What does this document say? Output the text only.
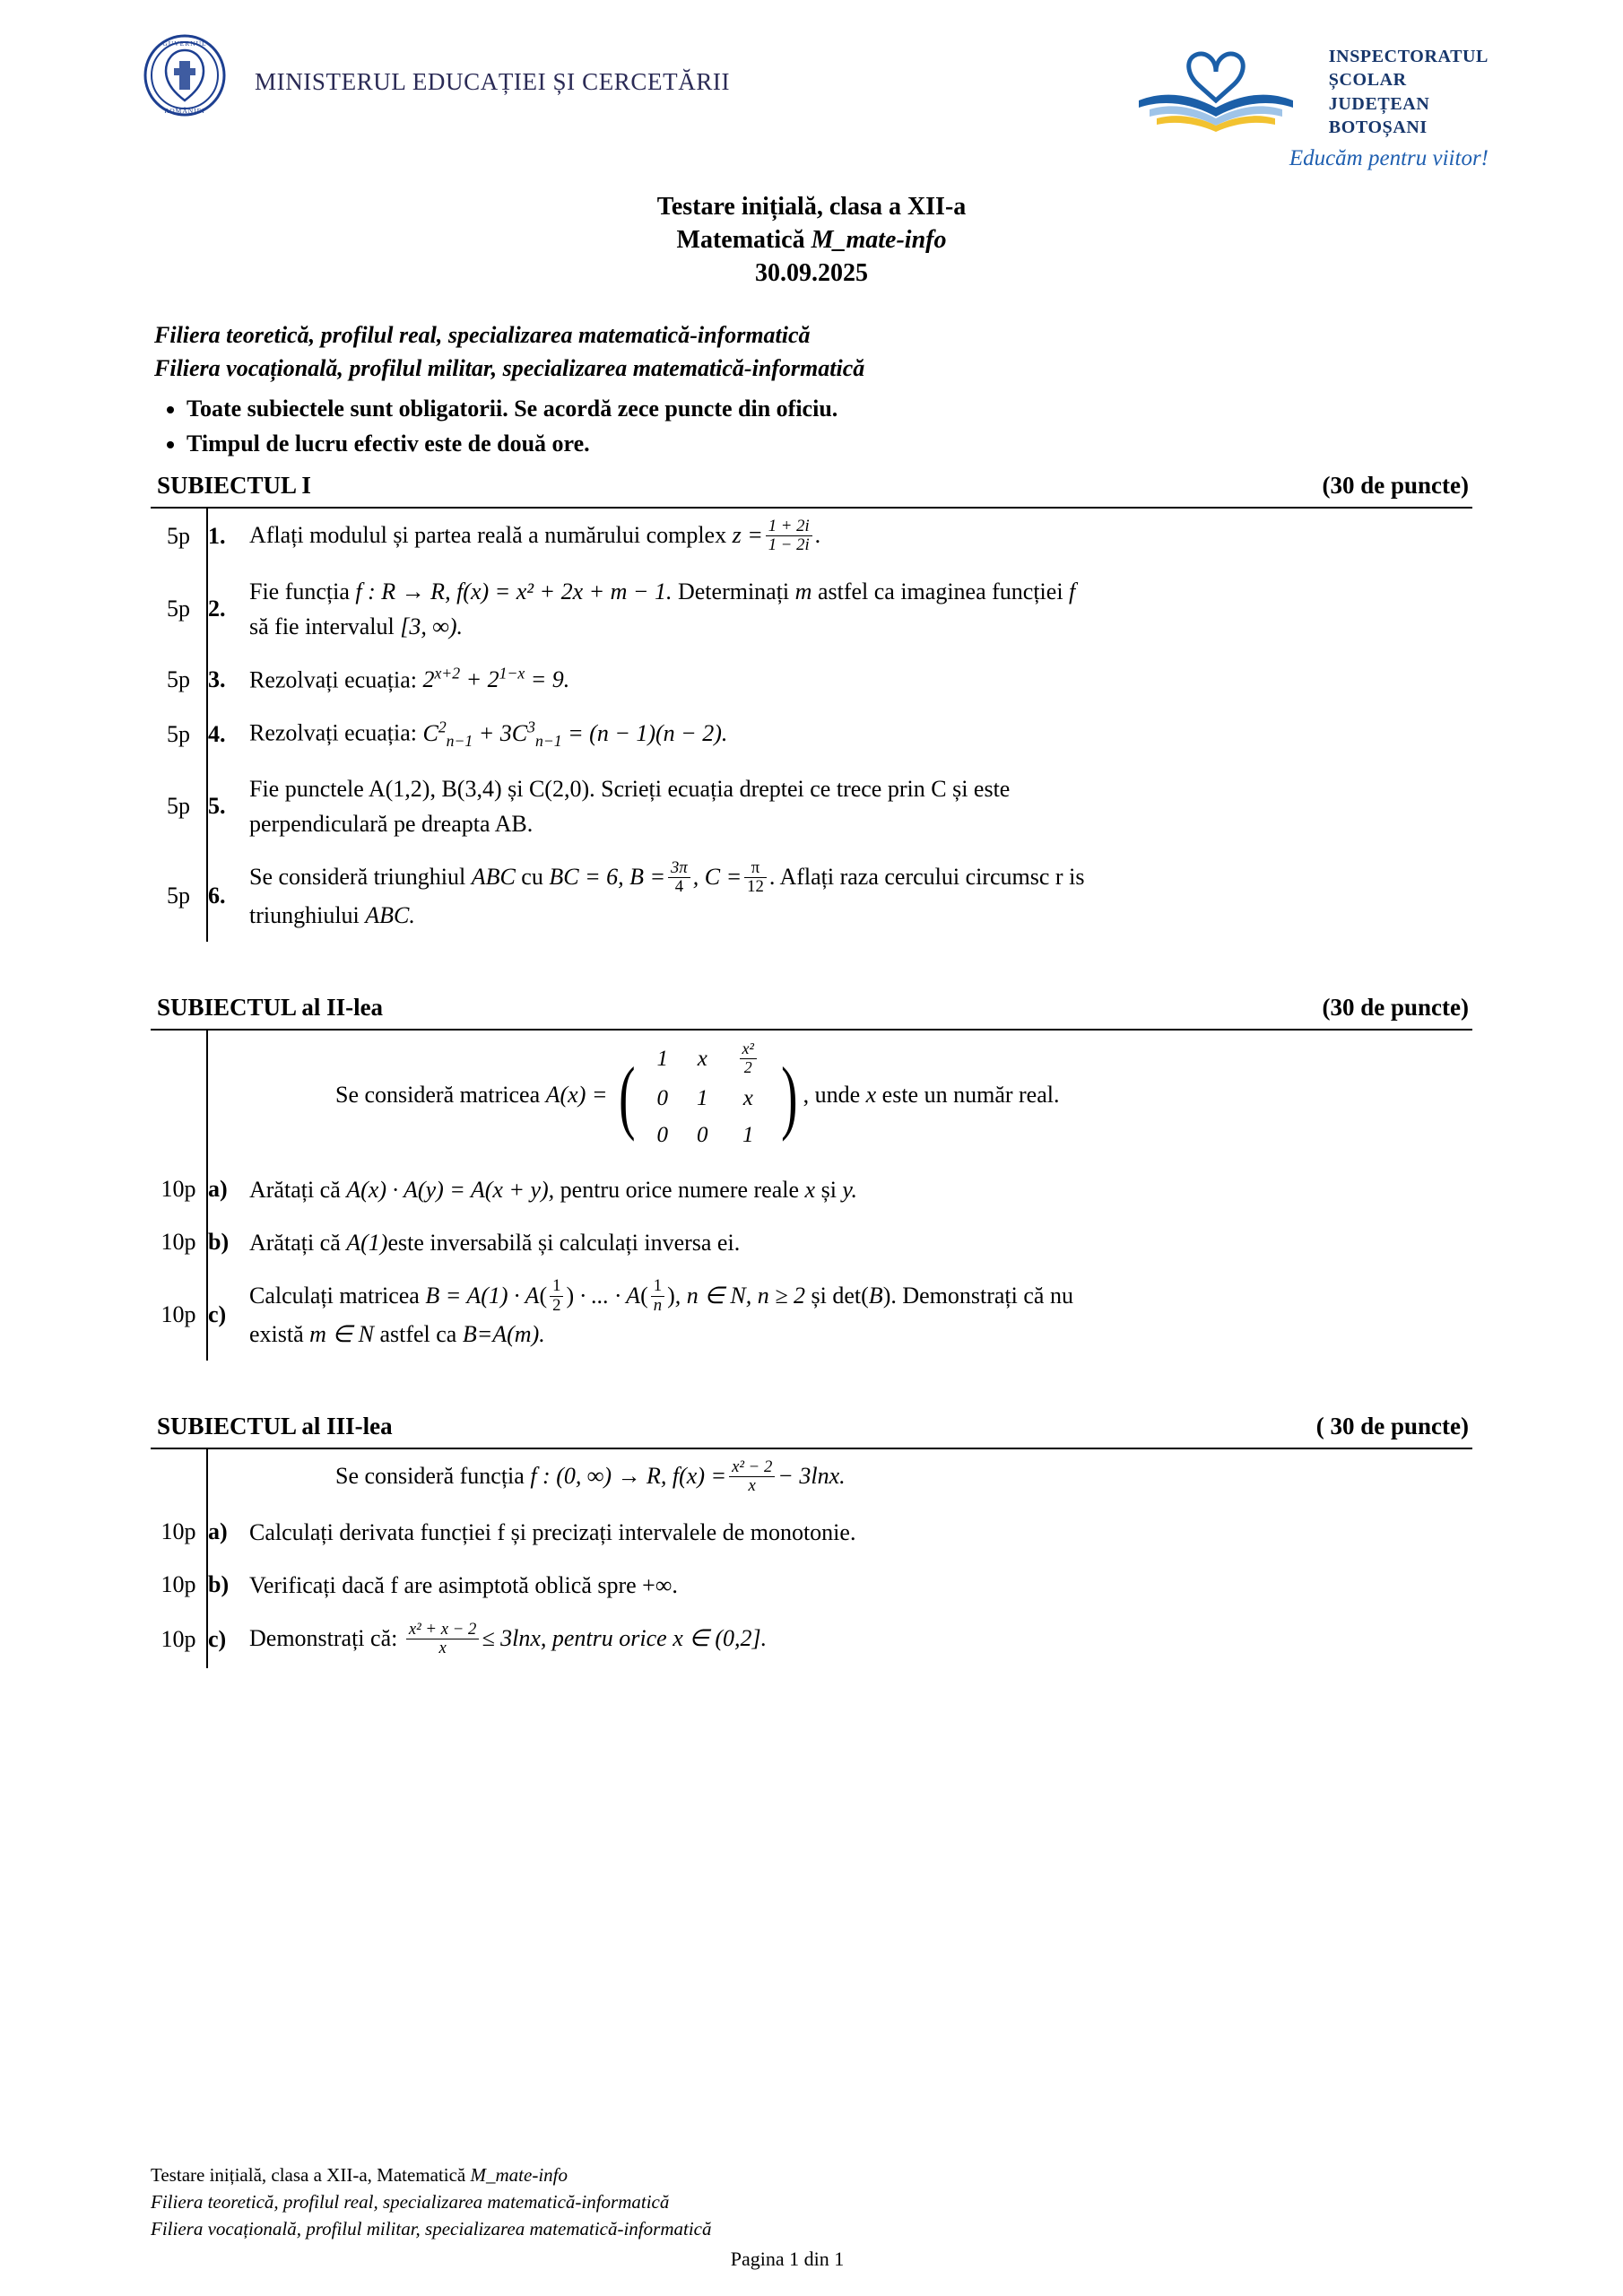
GUVERNUL
ROMÂNIEI
MINISTERUL EDUCAȚIEI ȘI CERCETĂRII
INSPECTORATUL
ȘCOLAR
JUDEȚEAN
BOTOȘANI
Educăm pentru viitor!
Testare inițială, clasa a XII-a
Matematică M_mate-info
30.09.2025
Filiera teoretică, profilul real, specializarea matematică-informatică
Filiera vocațională, profilul militar, specializarea matematică-informatică
• Toate subiectele sunt obligatorii. Se acordă zece puncte din oficiu.
• Timpul de lucru efectiv este de două ore.
SUBIECTUL I	(30 de puncte)
5p	1.	Aflați modulul și partea reală a numărului complex $z = \frac{1 + 2i}{1 - 2i}$ .
5p	2.	Fie funcția f : R → R, f(x) = x² + 2x + m − 1. Determinați m astfel ca imaginea funcției f
să fie intervalul [3, ∞).

5p	3.	Rezolvați ecuația: $2^{x+2} + 2^{1-x} = 9$.
5p	4.	Rezolvați ecuația: $C^2_{n-1} + 3C^3_{n-1} = (n - 1)(n - 2)$.
5p	5.	Fie punctele A(1,2), B(3,4) și C(2,0). Scrieți ecuația dreptei ce trece prin C și este
perpendiculară pe dreapta AB.

5p	6.	Se consideră triunghiul ABC cu BC = 6, $B = \frac{3\pi}{4}$ , $C = \frac{\pi}{12}$ . Aflați raza cercului circumsc r is
triunghiului ABC.
SUBIECTUL al II-lea	(30 de puncte)
		Se consideră matricea A(x) = ( 1	x	$\frac{\text{x²}}{2}$

0	1	x
0	0	1 ) , unde x este un număr real.
10p	a)	Arătați că A(x) · A(y) = A(x + y), pentru orice numere reale x și y.
10p	b)	Arătați că A(1)este inversabilă și calculați inversa ei.
10p	c)	Calculați matricea $B = A(1) \cdot A( \frac{1}{2}$ ) · ... · $A( \frac{1}{n}$ ), n ∈ N, n ≥ 2 și det(B). Demonstrați că nu
există m ∈ N astfel ca B=A(m).
SUBIECTUL al III-lea	( 30 de puncte)
		Se consideră funcția f : (0, ∞) → R, $f(x) = \frac{\text{x² − 2}}{x} - 3\ln x$.
10p	a)	Calculați derivata funcției f și precizați intervalele de monotonie.
10p	b)	Verificați dacă f are asimptotă oblică spre +∞.
10p	c)	Demonstrați că: $\frac{\text{x² + x − 2}}{x} \le 3\ln x$, pentru orice x ∈ (0,2].
Testare inițială, clasa a XII-a, Matematică M_mate-info
Filiera teoretică, profilul real, specializarea matematică-informatică
Filiera vocațională, profilul militar, specializarea matematică-informatică
Pagina 1 din 1
